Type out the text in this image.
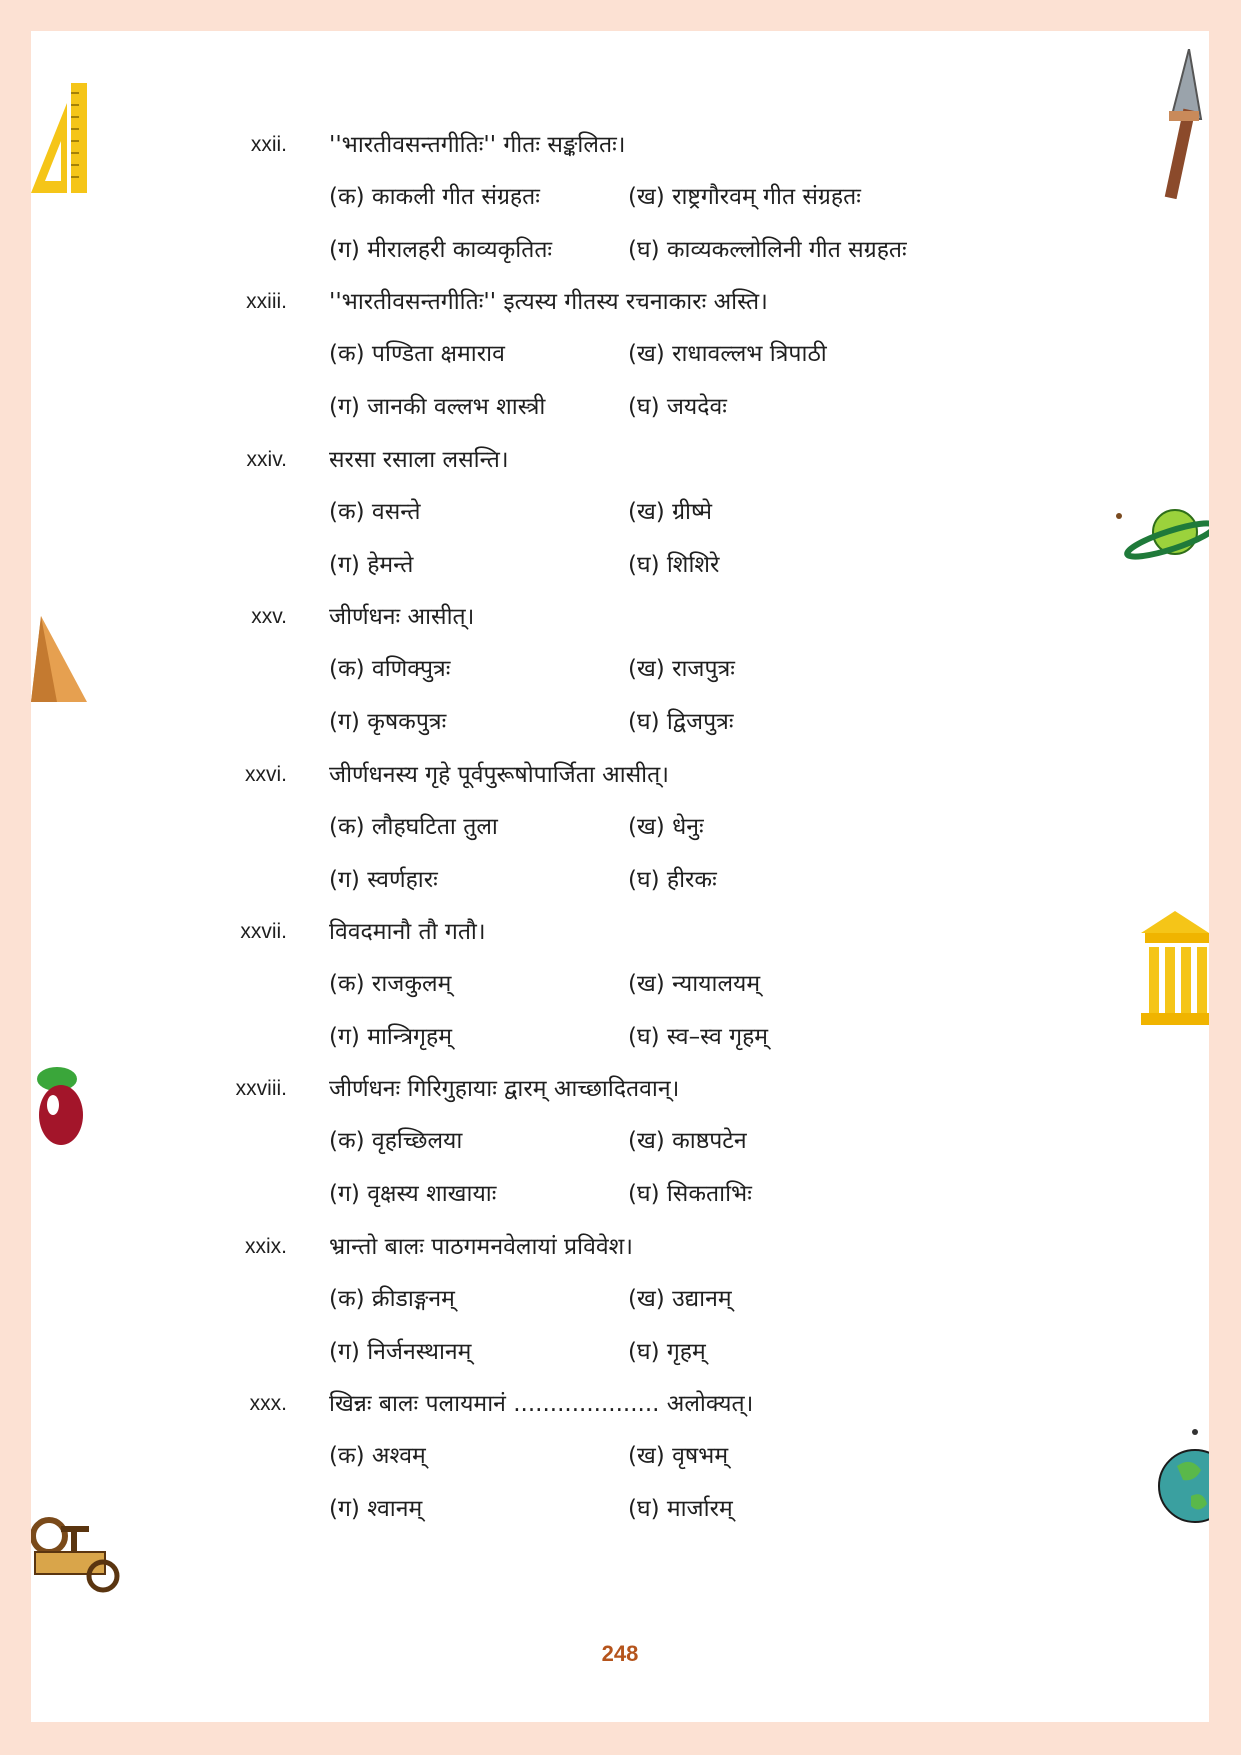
xxii. ''भारतीवसन्तगीतिः'' गीतः सङ्कलितः।
(क) काकली गीत संग्रहतः	(ख) राष्ट्रगौरवम् गीत संग्रहतः
(ग) मीरालहरी काव्यकृतितः	(घ) काव्यकल्लोलिनी गीत सग्रहतः
xxiii. ''भारतीवसन्तगीतिः'' इत्यस्य गीतस्य रचनाकारः अस्ति।
(क) पण्डिता क्षमाराव	(ख) राधावल्लभ त्रिपाठी
(ग) जानकी वल्लभ शास्त्री	(घ) जयदेवः
xxiv. सरसा रसाला लसन्ति।
(क) वसन्ते	(ख) ग्रीष्मे
(ग) हेमन्ते	(घ) शिशिरे
xxv. जीर्णधनः आसीत्।
(क) वणिक्पुत्रः	(ख) राजपुत्रः
(ग) कृषकपुत्रः	(घ) द्विजपुत्रः
xxvi. जीर्णधनस्य गृहे पूर्वपुरूषोपार्जिता आसीत्।
(क) लौहघटिता तुला	(ख) धेनुः
(ग) स्वर्णहारः	(घ) हीरकः
xxvii. विवदमानौ तौ गतौ।
(क) राजकुलम्	(ख) न्यायालयम्
(ग) मान्त्रिगृहम्	(घ) स्व–स्व गृहम्
xxviii. जीर्णधनः गिरिगुहायाः द्वारम् आच्छादितवान्।
(क) वृहच्छिलया	(ख) काष्ठपटेन
(ग) वृक्षस्य शाखायाः	(घ) सिकताभिः
xxix. भ्रान्तो बालः पाठगमनवेलायां प्रविवेश।
(क) क्रीडाङ्गनम्	(ख) उद्यानम्
(ग) निर्जनस्थानम्	(घ) गृहम्
xxx. खिन्नः बालः पलायमानं .................... अलोक्यत्।
(क) अश्वम्	(ख) वृषभम्
(ग) श्वानम्	(घ) मार्जारम्
248
